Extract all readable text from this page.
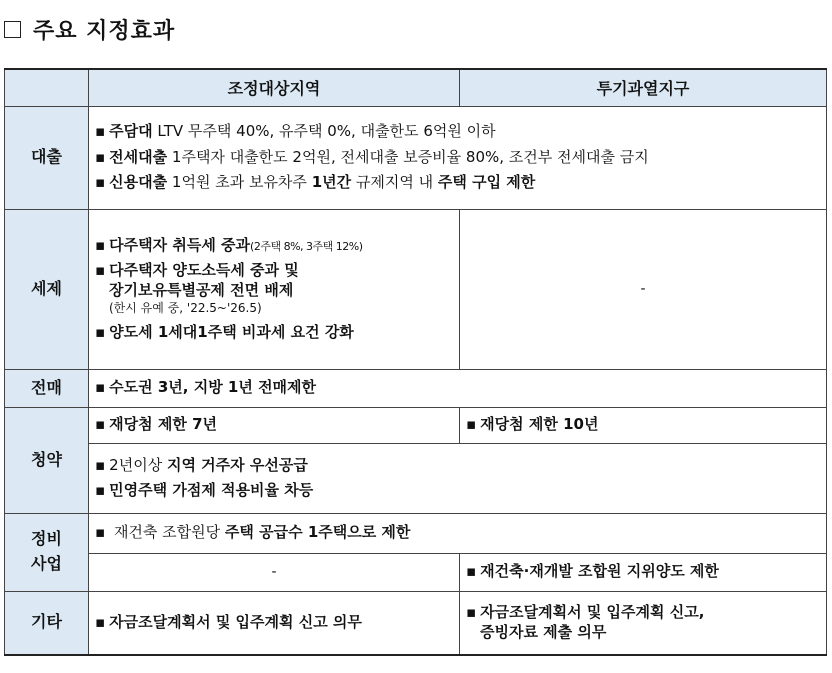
주요 지정효과
	조정대상지역	투기과열지구
대출	▪ 주담대 LTV 무주택 40%, 유주택 0%, 대출한도 6억원 이하
▪ 전세대출 1주택자 대출한도 2억원, 전세대출 보증비율 80%, 조건부 전세대출 금지
▪ 신용대출 1억원 초과 보유차주 1년간 규제지역 내 주택 구입 제한	

세제	▪ 다주택자 취득세 중과(2주택 8%, 3주택 12%)
▪ 다주택자 양도소득세 중과 및
장기보유특별공제 전면 배제
(한시 유예 중, '22.5~'26.5)
▪ 양도세 1세대1주택 비과세 요건 강화	-
전매	▪ 수도권 3년, 지방 1년 전매제한	
청약	▪ 재당첨 제한 7년	▪ 재당첨 제한 10년

	▪ 2년이상 지역 거주자 우선공급
▪ 민영주택 가점제 적용비율 차등	

정비
사업	▪ 재건축 조합원당 주택 공급수 1주택으로 제한	
	-	▪ 재건축·재개발 조합원 지위양도 제한
기타	▪ 자금조달계획서 및 입주계획 신고 의무	▪ 자금조달계획서 및 입주계획 신고,
증빙자료 제출 의무
